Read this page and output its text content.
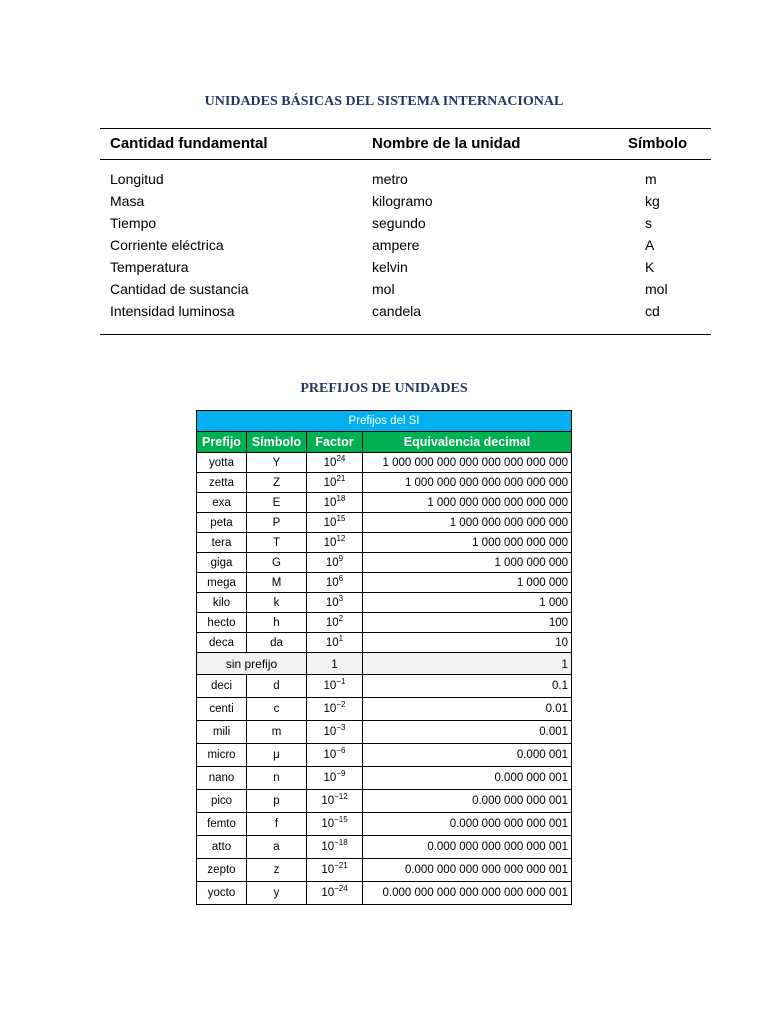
UNIDADES BÁSICAS DEL SISTEMA INTERNACIONAL
Cantidad fundamental	Nombre de la unidad	Símbolo
Longitud	metro	m
Masa	kilogramo	kg
Tiempo	segundo	s
Corriente eléctrica	ampere	A
Temperatura	kelvin	K
Cantidad de sustancia	mol	mol
Intensidad luminosa	candela	cd
PREFIJOS DE UNIDADES
Prefijos del SI			
Prefijo	Símbolo	Factor	Equivalencia decimal
yotta	Y	$10^{24}$	1 000 000 000 000 000 000 000 000
zetta	Z	$10^{21}$	1 000 000 000 000 000 000 000
exa	E	$10^{18}$	1 000 000 000 000 000 000
peta	P	$10^{15}$	1 000 000 000 000 000
tera	T	$10^{12}$	1 000 000 000 000
giga	G	$10^9$	1 000 000 000
mega	M	$10^6$	1 000 000
kilo	k	$10^3$	1 000
hecto	h	$10^2$	100
deca	da	$10^1$	10
sin prefijo		1	1
deci	d	$10^{-1}$	0.1
centi	c	$10^{-2}$	0.01
mili	m	$10^{-3}$	0.001
micro	μ	$10^{-6}$	0.000 001
nano	n	$10^{-9}$	0.000 000 001
pico	p	$10^{-12}$	0.000 000 000 001
femto	f	$10^{-15}$	0.000 000 000 000 001
atto	a	$10^{-18}$	0.000 000 000 000 000 001
zepto	z	$10^{-21}$	0.000 000 000 000 000 000 001
yocto	y	$10^{-24}$	0.000 000 000 000 000 000 000 001
